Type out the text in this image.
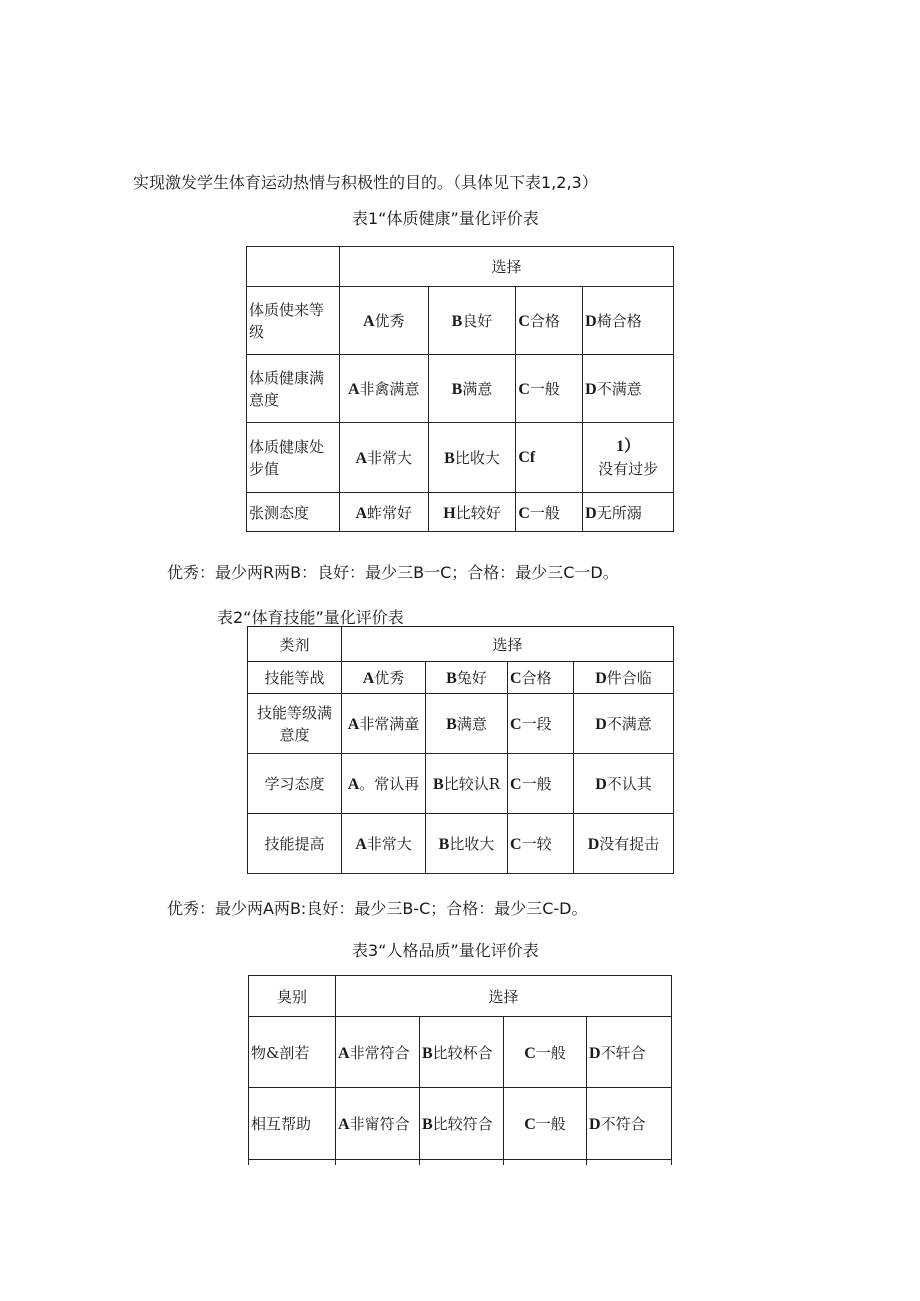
实现激发学生体育运动热情与积极性的目的。（具体见下表1,2,3）
表1“体质健康”量化评价表
	选择			
体质使来等级	A优秀	B良好	C合格	D椅合格
体质健康满意度	A非禽满意	B满意	C一般	D不满意
体质健康处步值	A非常大	B比收大	Cf	1）
没有过步
张测态度	A蚱常好	H比较好	C一般	D无所溺
优秀：最少两R两B：良好：最少三B一C；合格：最少三C一D。
表2“体育技能”量化评价表
类剂	选择			
技能等战	A优秀	B兔好	C合格	D件合临
技能等级满意度	A非常满童	B满意	C一段	D不满意
学习态度	A。常认再	B比较认R	C一般	D不认其
技能提高	A非常大	B比收大	C一较	D没有捉击
优秀：最少两A两B:良好：最少三B-C；合格：最少三C-D。
表3“人格品质”量化评价表
臭别	选择			
物&剖若	A非常符合	B比较杯合	C一般	D不轩合
相互帮助	A非甯符合	B比较符合	C一般	D不符合
